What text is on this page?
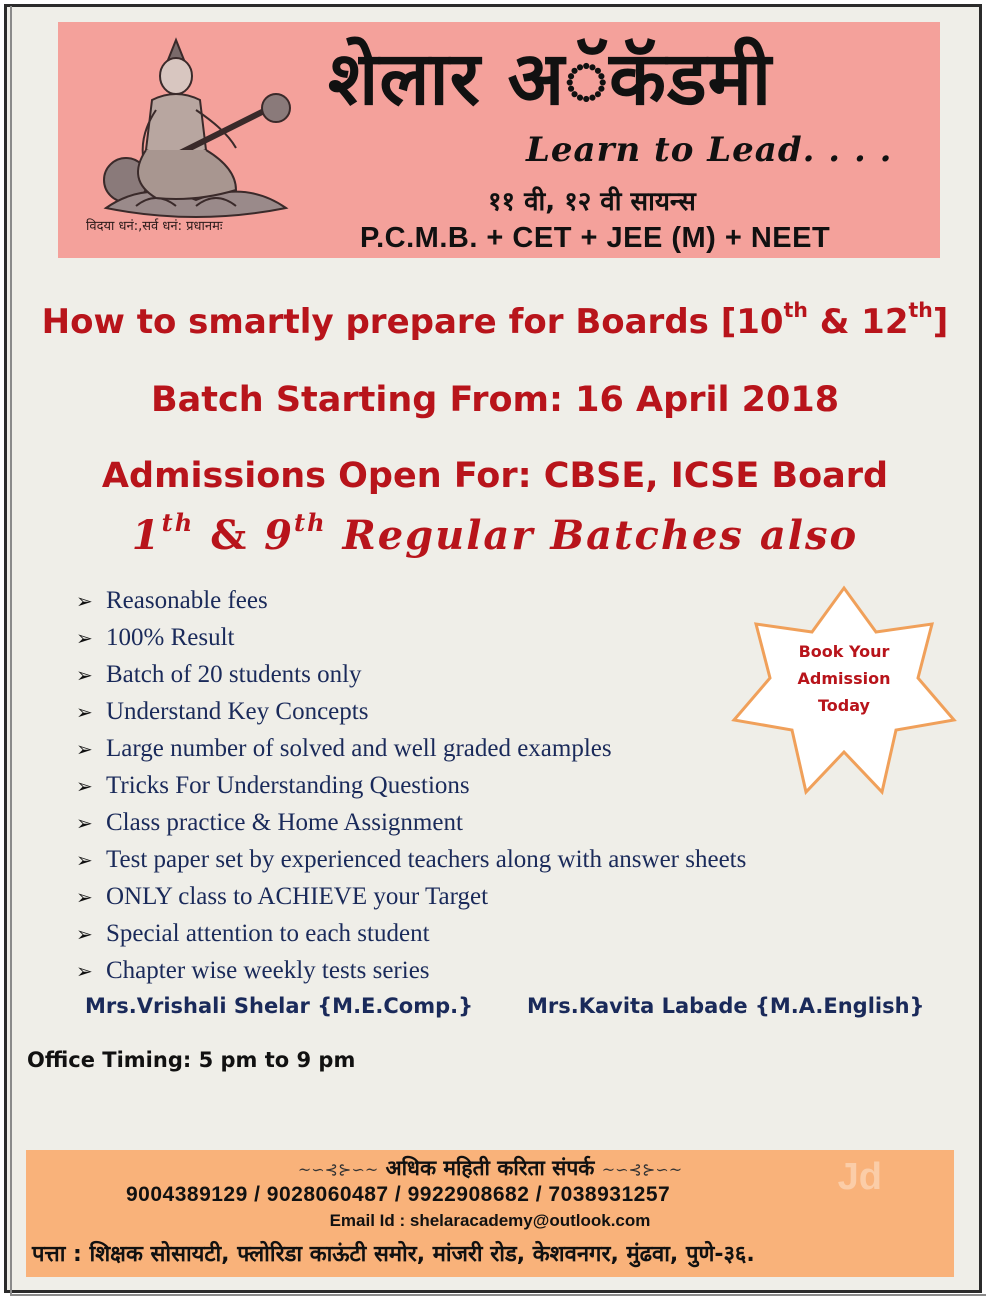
विदया धनं:,सर्व धनं: प्रधानमः
शेलार अॅकॅडमी
Learn to Lead. . . .
११ वी, १२ वी सायन्स
P.C.M.B. + CET + JEE (M) + NEET
How to smartly prepare for Boards [10th & 12th]
Batch Starting From: 16 April 2018
Admissions Open For: CBSE, ICSE Board
1th & 9th Regular Batches also
➢ Reasonable fees
➢ 100% Result
➢ Batch of 20 students only
➢ Understand Key Concepts
➢ Large number of solved and well graded examples
➢ Tricks For Understanding Questions
➢ Class practice & Home Assignment
➢ Test paper set by experienced teachers along with answer sheets
➢ ONLY class to ACHIEVE your Target
➢ Special attention to each student
➢ Chapter wise weekly tests series
Book Your
Admission
Today
Mrs.Vrishali Shelar {M.E.Comp.}	Mrs.Kavita Labade {M.A.English}
Office Timing: 5 pm to 9 pm
~∽⊰⊱∽~ अधिक महिती करिता संपर्क ~∽⊰⊱∽~
9004389129 / 9028060487 / 9922908682 / 7038931257	Jd
Email Id : shelaracademy@outlook.com
पत्ता : शिक्षक सोसायटी, फ्लोरिडा काऊंटी समोर, मांजरी रोड, केशवनगर, मुंढवा, पुणे-३६.
